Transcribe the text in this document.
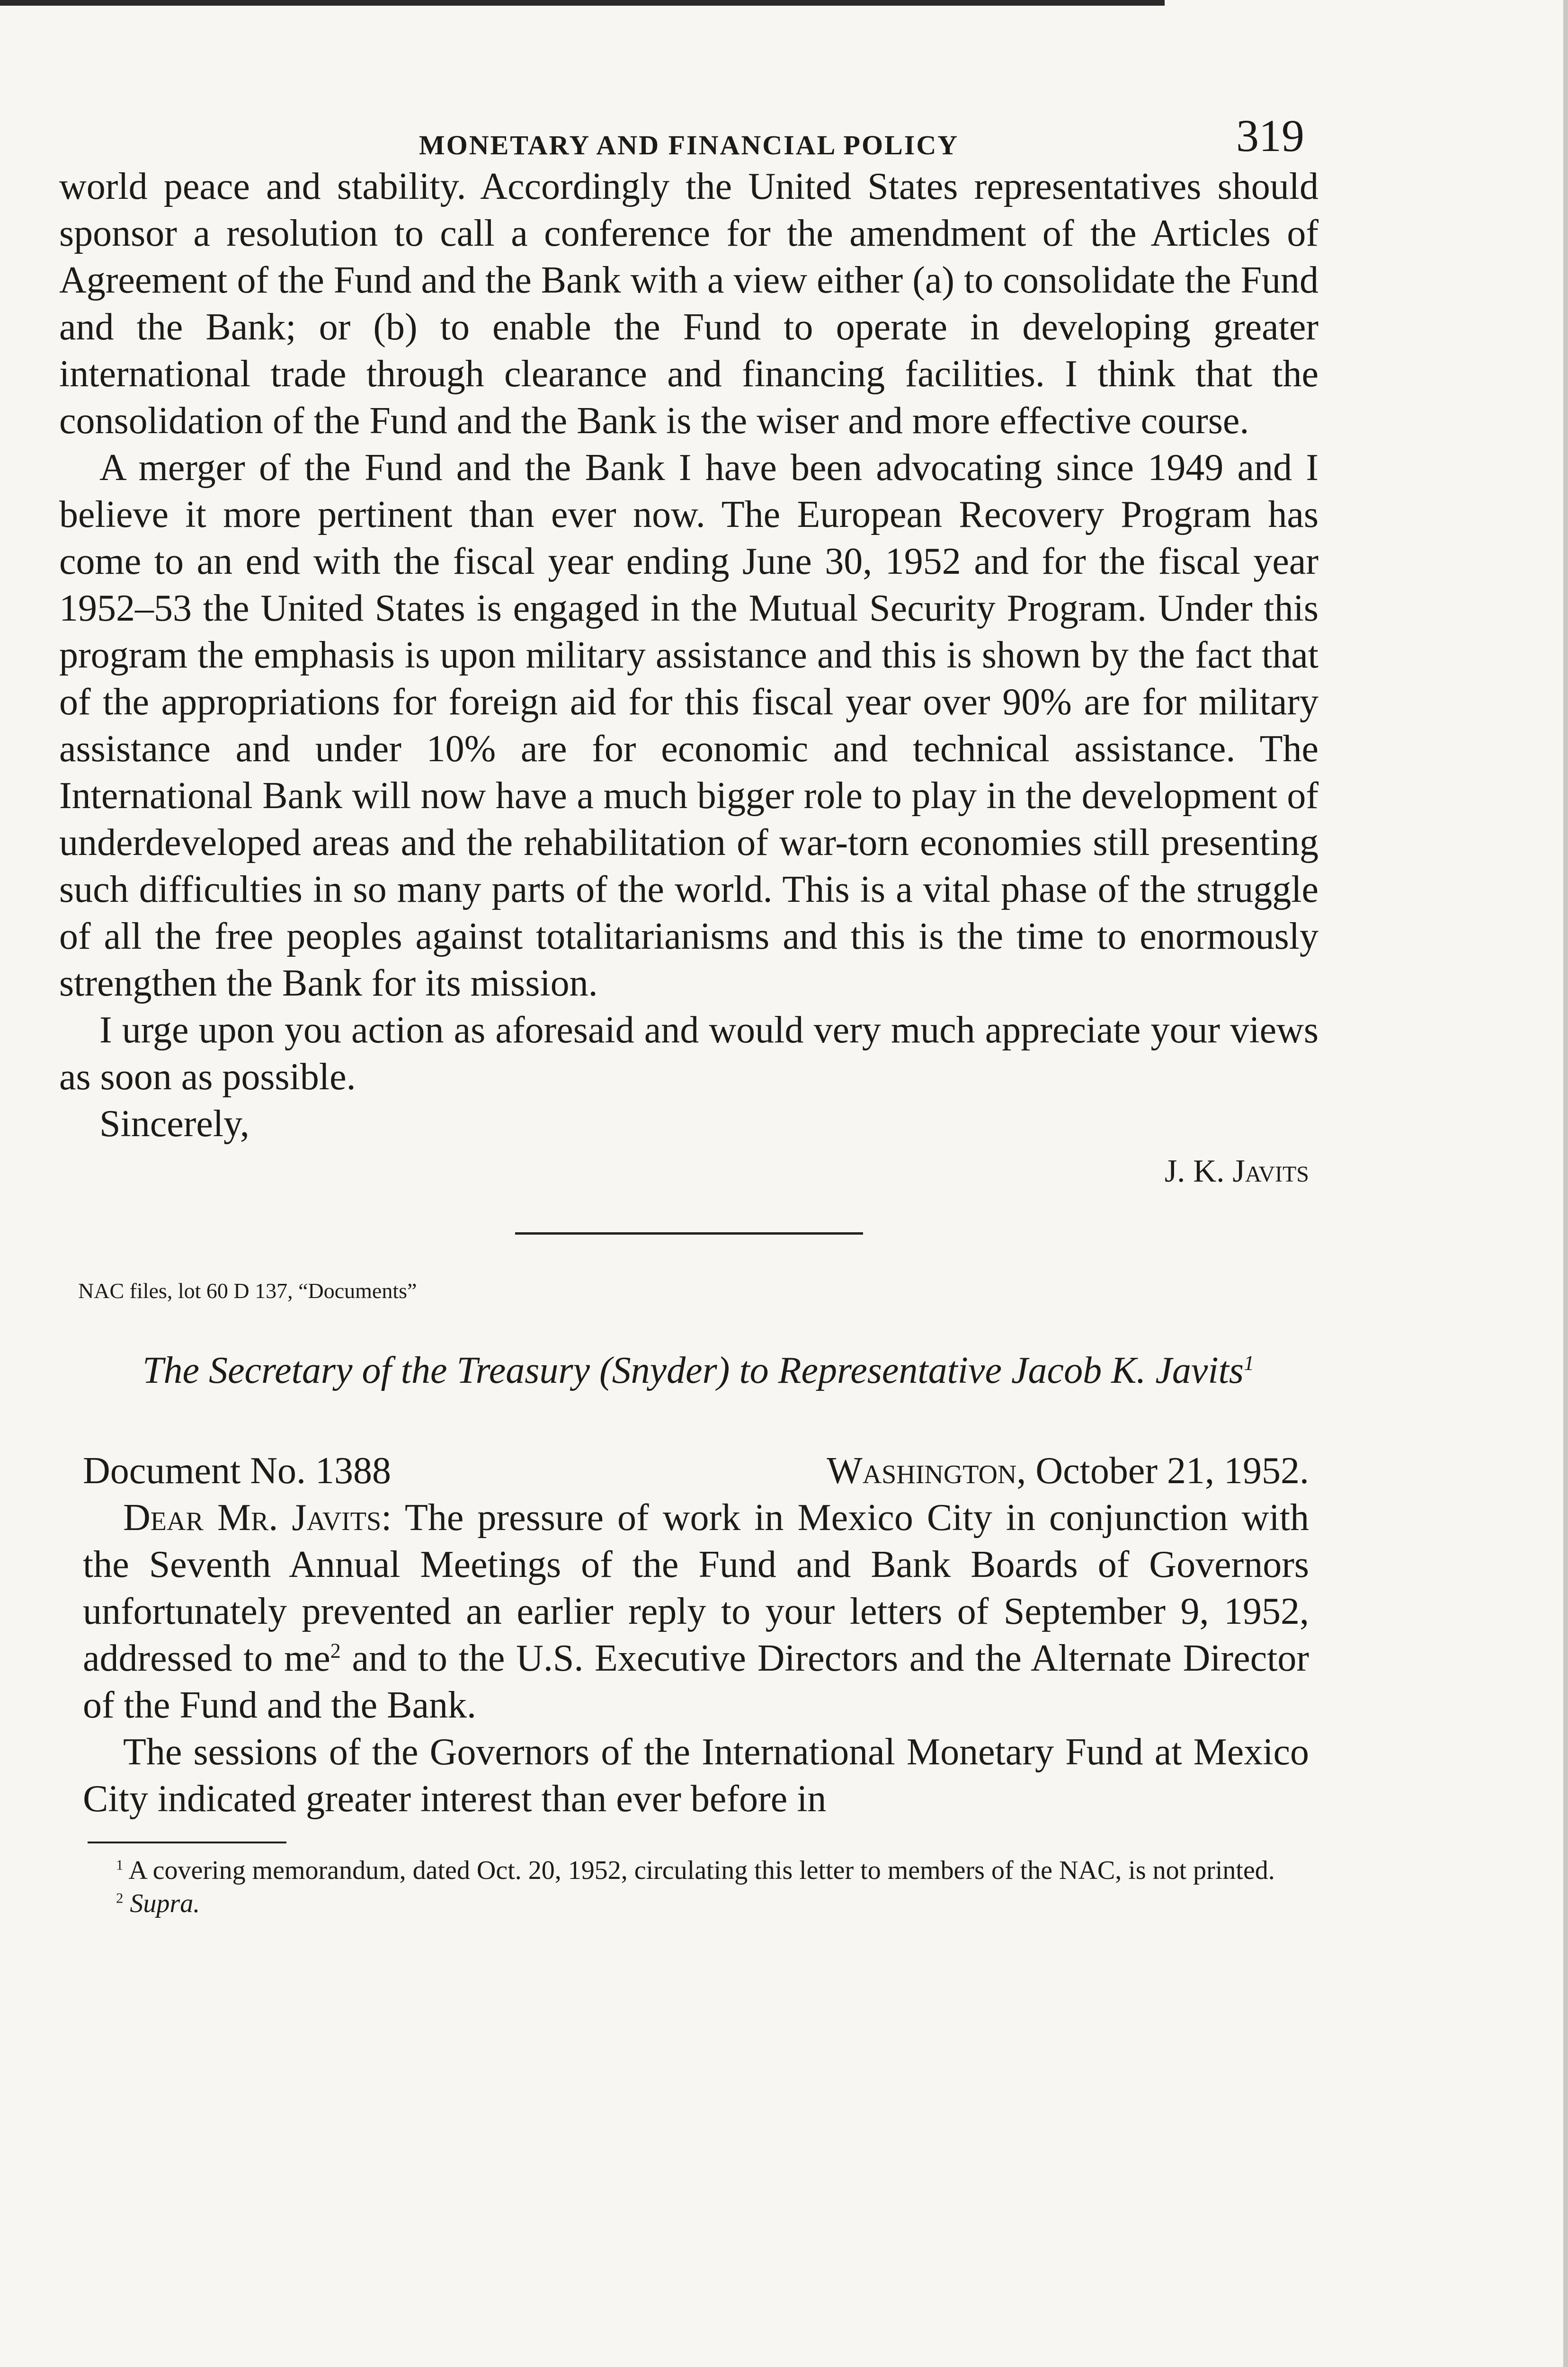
MONETARY AND FINANCIAL POLICY	319

world peace and stability. Accordingly the United States representatives should sponsor a resolution to call a conference for the amendment of the Articles of Agreement of the Fund and the Bank with a view either (a) to consolidate the Fund and the Bank; or (b) to enable the Fund to operate in developing greater international trade through clearance and financing facilities. I think that the consolidation of the Fund and the Bank is the wiser and more effective course.

A merger of the Fund and the Bank I have been advocating since 1949 and I believe it more pertinent than ever now. The European Recovery Program has come to an end with the fiscal year ending June 30, 1952 and for the fiscal year 1952–53 the United States is engaged in the Mutual Security Program. Under this program the emphasis is upon military assistance and this is shown by the fact that of the appropriations for foreign aid for this fiscal year over 90% are for military assistance and under 10% are for economic and technical assistance. The International Bank will now have a much bigger role to play in the development of underdeveloped areas and the rehabilitation of war-torn economies still presenting such difficulties in so many parts of the world. This is a vital phase of the struggle of all the free peoples against totalitarianisms and this is the time to enormously strengthen the Bank for its mission.

I urge upon you action as aforesaid and would very much appreciate your views as soon as possible.

Sincerely,

J. K. Javits

NAC files, lot 60 D 137, “Documents”
The Secretary of the Treasury (Snyder) to Representative Jacob K. Javits$^1$
Document No. 1388	Washington, October 21, 1952.

Dear Mr. Javits: The pressure of work in Mexico City in conjunction with the Seventh Annual Meetings of the Fund and Bank Boards of Governors unfortunately prevented an earlier reply to your letters of September 9, 1952, addressed to $me^2$ and to the U.S. Executive Directors and the Alternate Director of the Fund and the Bank.

The sessions of the Governors of the International Monetary Fund at Mexico City indicated greater interest than ever before in

$^1$ A covering memorandum, dated Oct. 20, 1952, circulating this letter to members of the NAC, is not printed.

$^2$ Supra.
